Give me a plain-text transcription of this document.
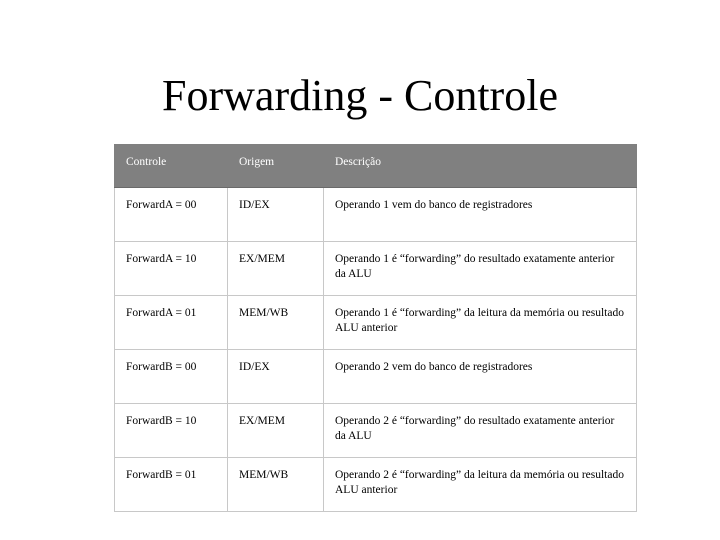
Forwarding - Controle
Controle	Origem	Descrição
ForwardA = 00	ID/EX	Operando 1 vem do banco de registradores
ForwardA = 10	EX/MEM	Operando 1 é “forwarding” do resultado exatamente anterior da ALU
ForwardA = 01	MEM/WB	Operando 1 é “forwarding” da leitura da memória ou resultado ALU anterior
ForwardB = 00	ID/EX	Operando 2 vem do banco de registradores
ForwardB = 10	EX/MEM	Operando 2 é “forwarding” do resultado exatamente anterior da ALU
ForwardB = 01	MEM/WB	Operando 2 é “forwarding” da leitura da memória ou resultado ALU anterior
